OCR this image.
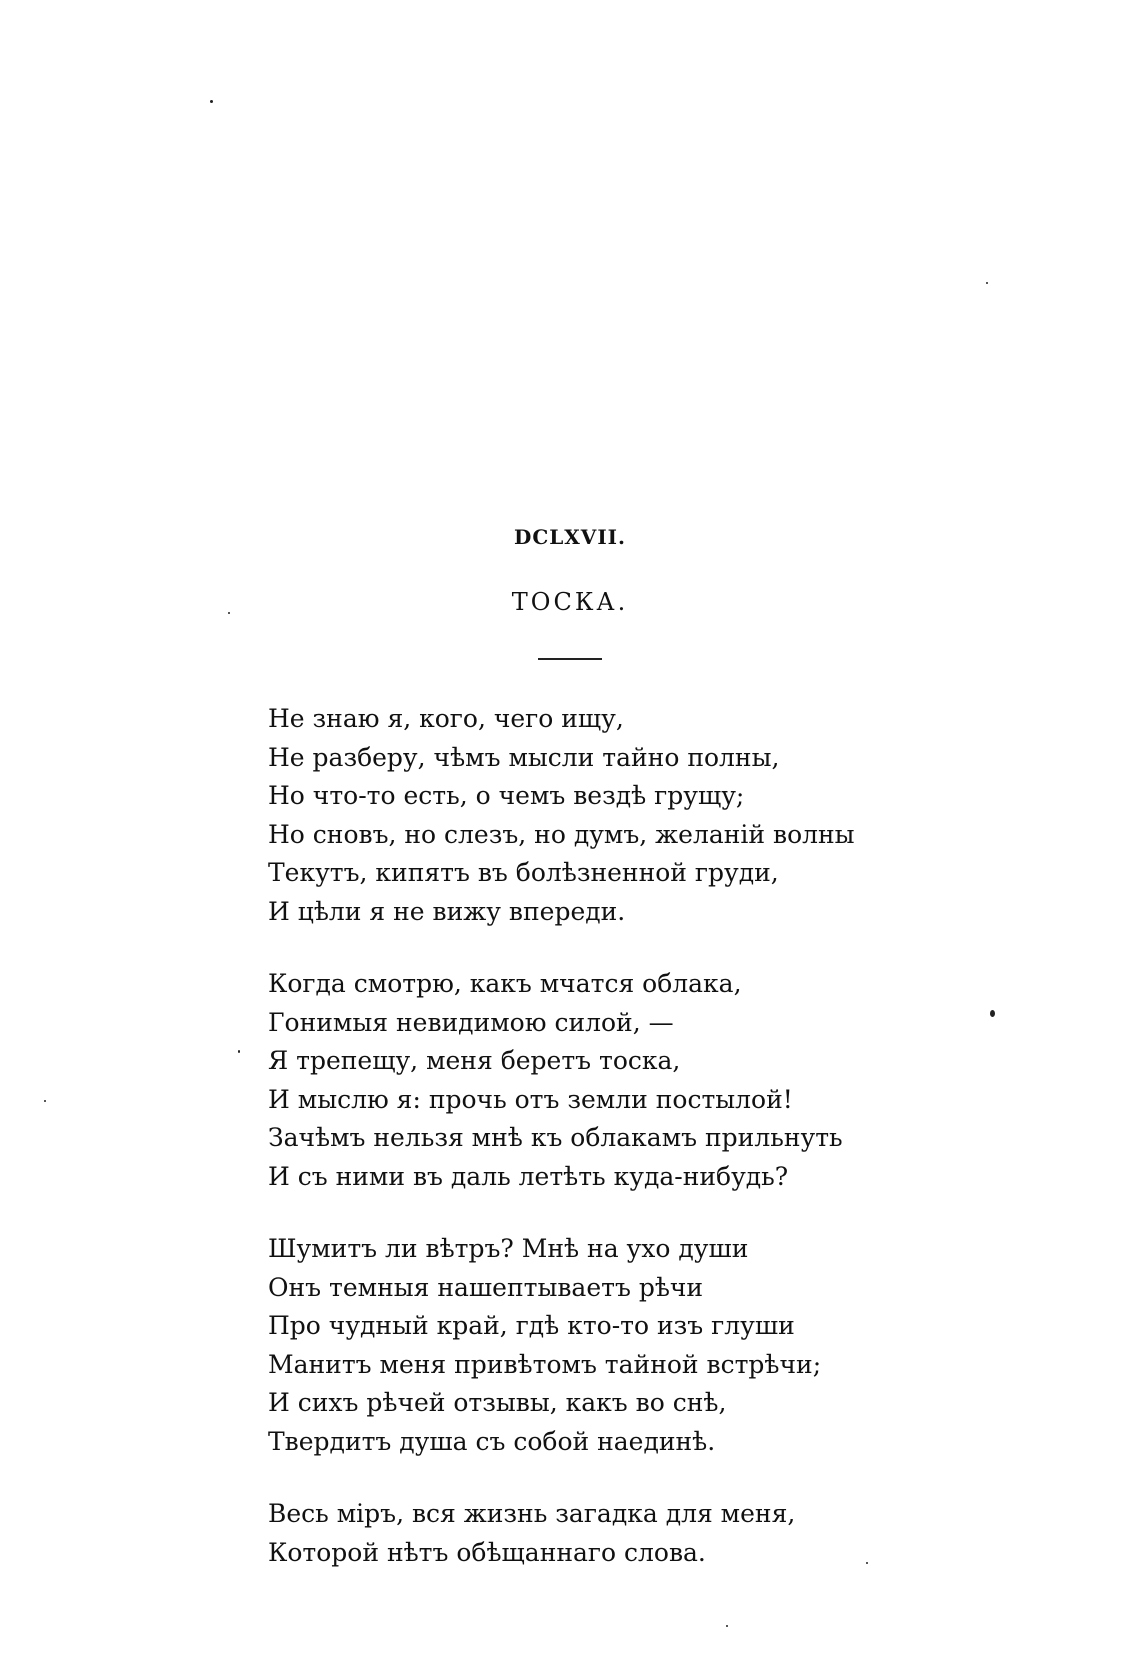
DCLXVII.
ТОСКА.
Не знаю я, кого, чего ищу,
Не разберу, чѣмъ мысли тайно полны,
Но что-то есть, о чемъ вездѣ грущу;
Но сновъ, но слезъ, но думъ, желаній волны
Текутъ, кипятъ въ болѣзненной груди,
И цѣли я не вижу впереди.
Когда смотрю, какъ мчатся облака,
Гонимыя невидимою силой, —
Я трепещу, меня беретъ тоска,
И мыслю я: прочь отъ земли постылой!
Зачѣмъ нельзя мнѣ къ облакамъ прильнуть
И съ ними въ даль летѣть куда-нибудь?
Шумитъ ли вѣтръ? Мнѣ на ухо души
Онъ темныя нашептываетъ рѣчи
Про чудный край, гдѣ кто-то изъ глуши
Манитъ меня привѣтомъ тайной встрѣчи;
И сихъ рѣчей отзывы, какъ во снѣ,
Твердитъ душа съ собой наединѣ.
Весь міръ, вся жизнь загадка для меня,
Которой нѣтъ обѣщаннаго слова.
